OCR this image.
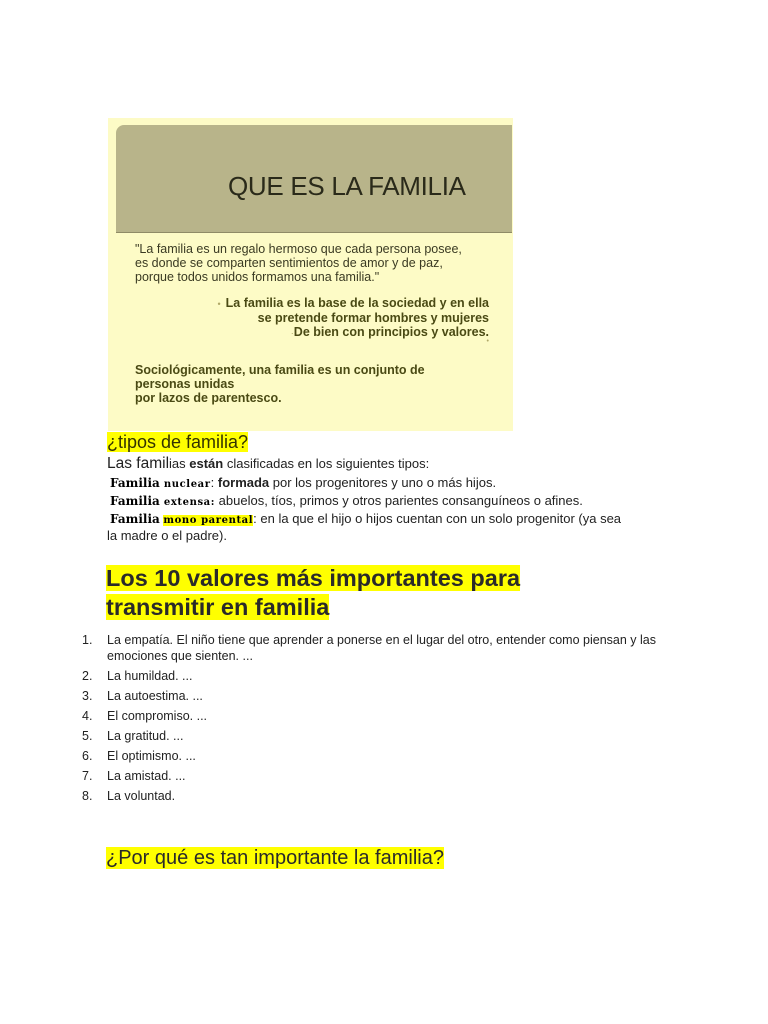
QUE ES LA FAMILIA
"La familia es un regalo hermoso que cada persona posee,
es donde se comparten sentimientos de amor y de paz,
porque todos unidos formamos una familia."
•  La familia es la base de la sociedad y en ella
se pretende formar hombres y mujeres
·De bien con principios y valores.
•
Sociológicamente, una familia es un conjunto de
personas unidas
por lazos de parentesco.
¿tipos de familia?
Las familias están clasificadas en los siguientes tipos:
Familia nuclear: formada por los progenitores y uno o más hijos.
Familia extensa: abuelos, tíos, primos y otros parientes consanguíneos o afines.
Familia mono parental: en la que el hijo o hijos cuentan con un solo progenitor (ya sea
la madre o el padre).
Los 10 valores más importantes para
transmitir en familia
1. La empatía. El niño tiene que aprender a ponerse en el lugar del otro, entender como piensan y las emociones que sienten. ...
2. La humildad. ...
3. La autoestima. ...
4. El compromiso. ...
5. La gratitud. ...
6. El optimismo. ...
7. La amistad. ...
8. La voluntad.
¿Por qué es tan importante la familia?
